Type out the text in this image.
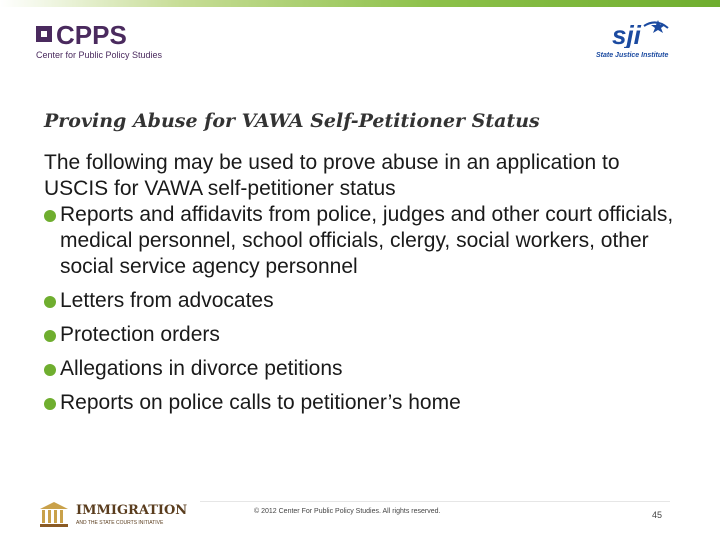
CPPS
Center for Public Policy Studies
sji
State Justice Institute
Proving Abuse for VAWA Self-Petitioner Status

The following may be used to prove abuse in an application to USCIS for VAWA self-petitioner status

Reports and affidavits from police, judges and other court officials, medical personnel, school officials, clergy, social workers, other social service agency personnel

Letters from advocates

Protection orders

Allegations in divorce petitions

Reports on police calls to petitioner’s home

IMMIGRATION
AND THE STATE COURTS INITIATIVE
© 2012 Center For Public Policy Studies. All rights reserved.	45
